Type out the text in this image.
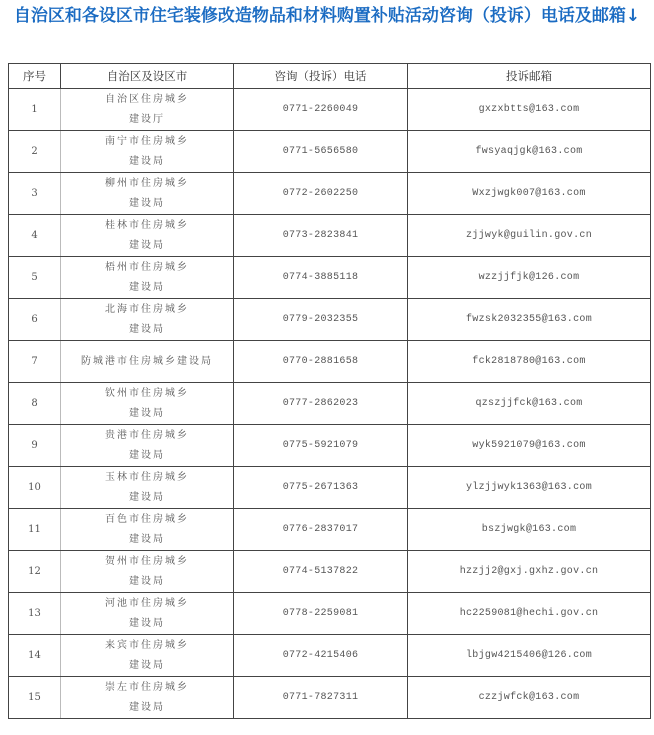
自治区和各设区市住宅装修改造物品和材料购置补贴活动咨询（投诉）电话及邮箱↓
序号	自治区及设区市	咨询（投诉）电话	投诉邮箱
1	自治区住房城乡
建设厅	0771-2260049	gxzxbtts@163.com
2	南宁市住房城乡
建设局	0771-5656580	fwsyaqjgk@163.com
3	柳州市住房城乡
建设局	0772-2602250	Wxzjwgk007@163.com
4	桂林市住房城乡
建设局	0773-2823841	zjjwyk@guilin.gov.cn
5	梧州市住房城乡
建设局	0774-3885118	wzzjjfjk@126.com
6	北海市住房城乡
建设局	0779-2032355	fwzsk2032355@163.com
7	防城港市住房城乡建设局	0770-2881658	fck2818780@163.com
8	钦州市住房城乡
建设局	0777-2862023	qzszjjfck@163.com
9	贵港市住房城乡
建设局	0775-5921079	wyk5921079@163.com
10	玉林市住房城乡
建设局	0775-2671363	ylzjjwyk1363@163.com
11	百色市住房城乡
建设局	0776-2837017	bszjwgk@163.com
12	贺州市住房城乡
建设局	0774-5137822	hzzjj2@gxj.gxhz.gov.cn
13	河池市住房城乡
建设局	0778-2259081	hc2259081@hechi.gov.cn
14	来宾市住房城乡
建设局	0772-4215406	lbjgw4215406@126.com
15	崇左市住房城乡
建设局	0771-7827311	czzjwfck@163.com
